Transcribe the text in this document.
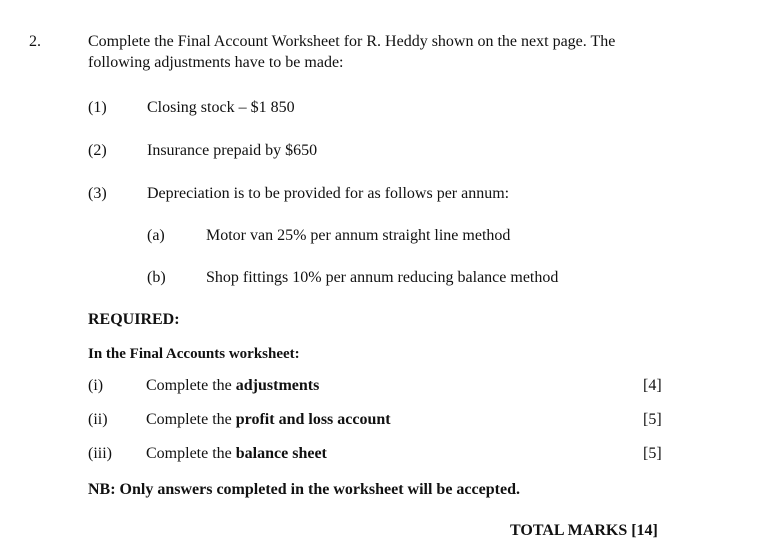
2.	Complete the Final Account Worksheet for R. Heddy shown on the next page. The
following adjustments have to be made:
(1)	Closing stock – $1 850
(2)	Insurance prepaid by $650
(3)	Depreciation is to be provided for as follows per annum:
(a)	Motor van 25% per annum straight line method
(b)	Shop fittings 10% per annum reducing balance method
REQUIRED:
In the Final Accounts worksheet:
(i)	Complete the adjustments	[4]
(ii) Complete the profit and loss account	[5]
(iii) Complete the balance sheet	[5]
NB: Only answers completed in the worksheet will be accepted.
TOTAL MARKS [14]
